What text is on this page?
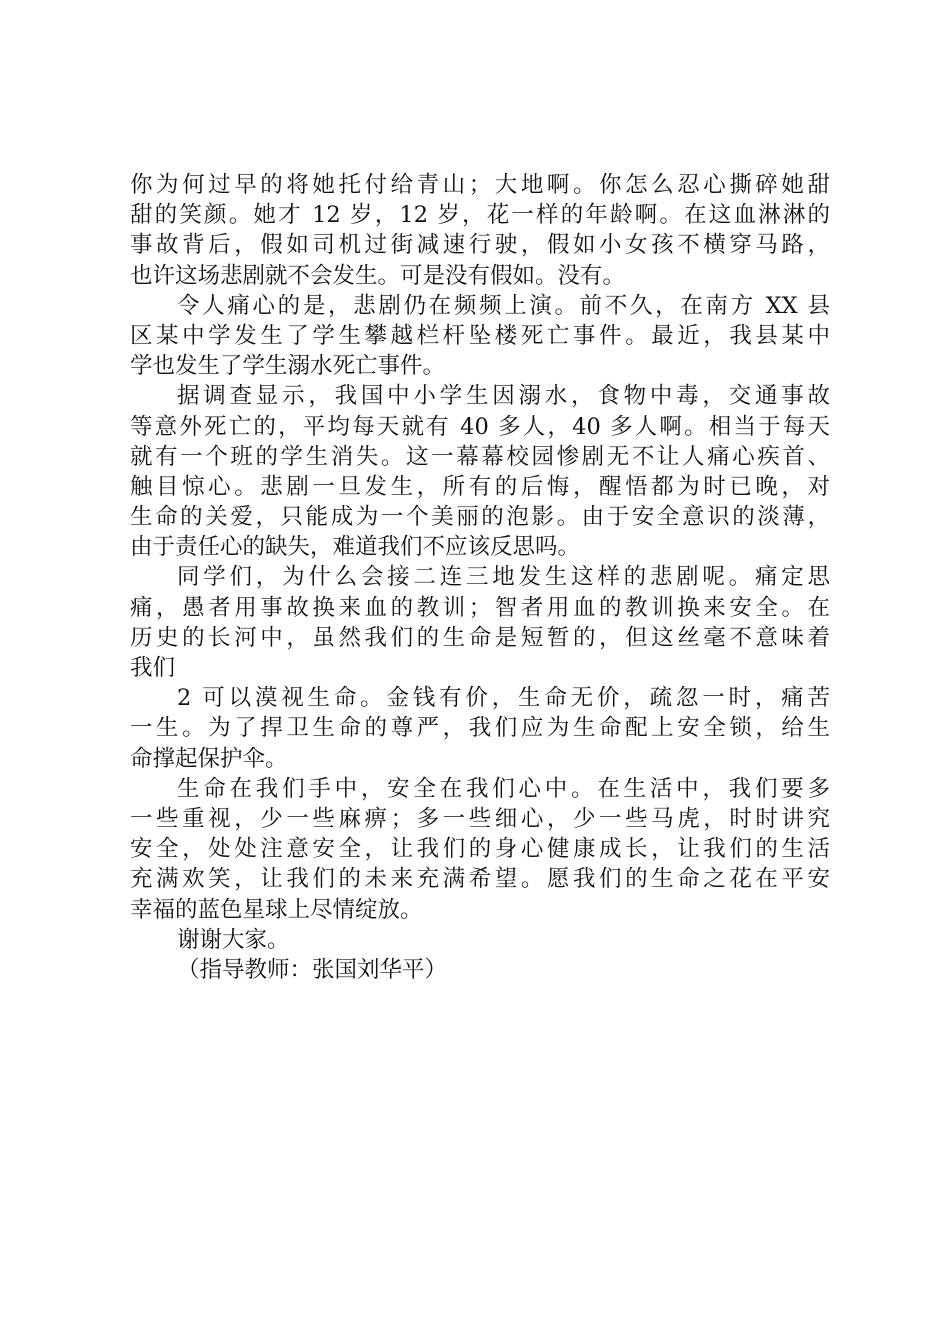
你为何过早的将她托付给青山；大地啊。你怎么忍心撕碎她甜
甜的笑颜。她才 12 岁，12 岁，花一样的年龄啊。在这血淋淋的
事故背后，假如司机过街减速行驶，假如小女孩不横穿马路，
也许这场悲剧就不会发生。可是没有假如。没有。
令人痛心的是，悲剧仍在频频上演。前不久，在南方 XX 县
区某中学发生了学生攀越栏杆坠楼死亡事件。最近，我县某中
学也发生了学生溺水死亡事件。
据调查显示，我国中小学生因溺水，食物中毒，交通事故
等意外死亡的，平均每天就有 40 多人，40 多人啊。相当于每天
就有一个班的学生消失。这一幕幕校园惨剧无不让人痛心疾首、
触目惊心。悲剧一旦发生，所有的后悔，醒悟都为时已晚，对
生命的关爱，只能成为一个美丽的泡影。由于安全意识的淡薄，
由于责任心的缺失，难道我们不应该反思吗。
同学们，为什么会接二连三地发生这样的悲剧呢。痛定思
痛，愚者用事故换来血的教训；智者用血的教训换来安全。在
历史的长河中，虽然我们的生命是短暂的，但这丝毫不意味着
我们
2 可以漠视生命。金钱有价，生命无价，疏忽一时，痛苦
一生。为了捍卫生命的尊严，我们应为生命配上安全锁，给生
命撑起保护伞。
生命在我们手中，安全在我们心中。在生活中，我们要多
一些重视，少一些麻痹；多一些细心，少一些马虎，时时讲究
安全，处处注意安全，让我们的身心健康成长，让我们的生活
充满欢笑，让我们的未来充满希望。愿我们的生命之花在平安
幸福的蓝色星球上尽情绽放。
谢谢大家。
（指导教师：张国刘华平）
